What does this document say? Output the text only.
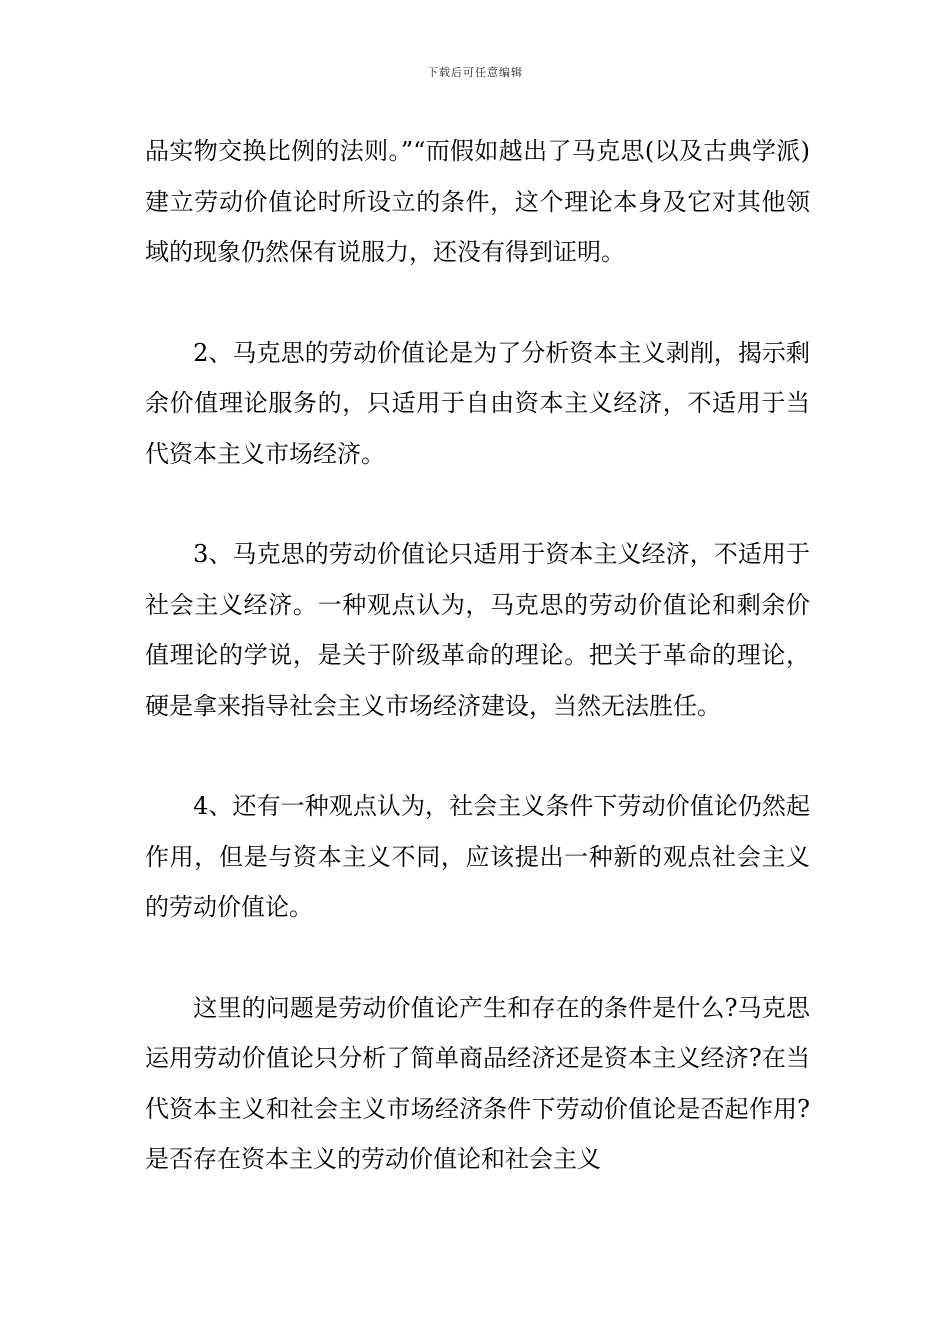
下载后可任意编辑

品实物交换比例的法则。”“而假如越出了马克思(以及古典学派)建立劳动价值论时所设立的条件，这个理论本身及它对其他领域的现象仍然保有说服力，还没有得到证明。

　　2、马克思的劳动价值论是为了分析资本主义剥削，揭示剩余价值理论服务的，只适用于自由资本主义经济，不适用于当代资本主义市场经济。

　　3、马克思的劳动价值论只适用于资本主义经济，不适用于社会主义经济。一种观点认为，马克思的劳动价值论和剩余价值理论的学说，是关于阶级革命的理论。把关于革命的理论，硬是拿来指导社会主义市场经济建设，当然无法胜任。

　　4、还有一种观点认为，社会主义条件下劳动价值论仍然起作用，但是与资本主义不同，应该提出一种新的观点社会主义的劳动价值论。

　　这里的问题是劳动价值论产生和存在的条件是什么?马克思运用劳动价值论只分析了简单商品经济还是资本主义经济?在当代资本主义和社会主义市场经济条件下劳动价值论是否起作用?是否存在资本主义的劳动价值论和社会主义
